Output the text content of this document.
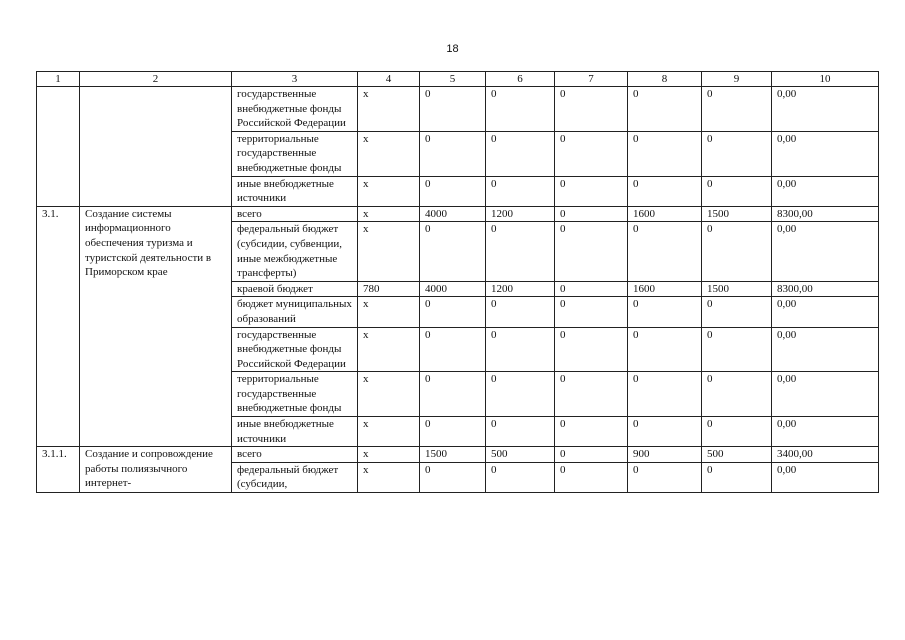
18
1	2	3	4	5	6	7	8	9	10
		государственные внебюджетные фонды Российской Федерации	х	0	0	0	0	0	0,00
		территориальные государственные внебюджетные фонды	х	0	0	0	0	0	0,00
		иные внебюджетные источники	х	0	0	0	0	0	0,00
3.1.	Создание системы информационного обеспечения туризма и туристской деятельности в Приморском крае	всего	х	4000	1200	0	1600	1500	8300,00
		федеральный бюджет (субсидии, субвенции, иные межбюджетные трансферты)	х	0	0	0	0	0	0,00
		краевой бюджет	780	4000	1200	0	1600	1500	8300,00
		бюджет муниципальных образований	х	0	0	0	0	0	0,00
		государственные внебюджетные фонды Российской Федерации	х	0	0	0	0	0	0,00
		территориальные государственные внебюджетные фонды	х	0	0	0	0	0	0,00
		иные внебюджетные источники	х	0	0	0	0	0	0,00
3.1.1.	Создание и сопровождение работы полиязычного интернет-	всего	х	1500	500	0	900	500	3400,00
		федеральный бюджет (субсидии,	х	0	0	0	0	0	0,00
